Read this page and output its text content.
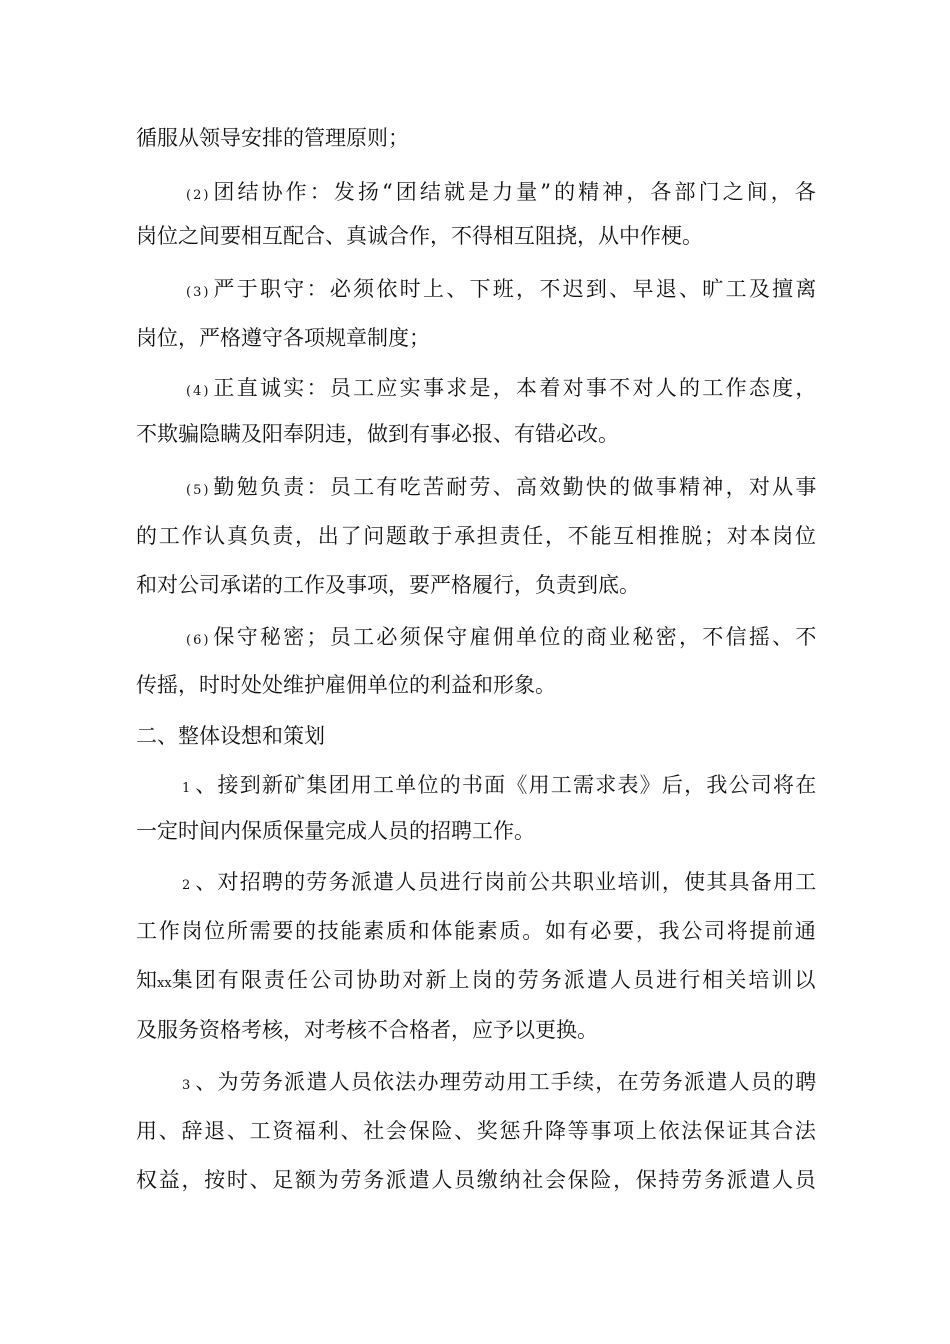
循服从领导安排的管理原则；
(2) 团结协作：发扬“团结就是力量”的精神，各部门之间，各
岗位之间要相互配合、真诚合作，不得相互阻挠，从中作梗。
(3) 严于职守：必须依时上、下班，不迟到、早退、旷工及擅离
岗位，严格遵守各项规章制度；
(4) 正直诚实：员工应实事求是，本着对事不对人的工作态度，
不欺骗隐瞒及阳奉阴违，做到有事必报、有错必改。
(5) 勤勉负责：员工有吃苦耐劳、高效勤快的做事精神，对从事
的工作认真负责，出了问题敢于承担责任，不能互相推脱；对本岗位
和对公司承诺的工作及事项，要严格履行，负责到底。
(6) 保守秘密；员工必须保守雇佣单位的商业秘密，不信摇、不
传摇，时时处处维护雇佣单位的利益和形象。
二、整体设想和策划
1 、接到新矿集团用工单位的书面《用工需求表》后，我公司将在
一定时间内保质保量完成人员的招聘工作。
2 、对招聘的劳务派遣人员进行岗前公共职业培训，使其具备用工
工作岗位所需要的技能素质和体能素质。如有必要，我公司将提前通
知xx集团有限责任公司协助对新上岗的劳务派遣人员进行相关培训以
及服务资格考核，对考核不合格者，应予以更换。
3 、为劳务派遣人员依法办理劳动用工手续，在劳务派遣人员的聘
用、辞退、工资福利、社会保险、奖惩升降等事项上依法保证其合法
权益，按时、足额为劳务派遣人员缴纳社会保险，保持劳务派遣人员
